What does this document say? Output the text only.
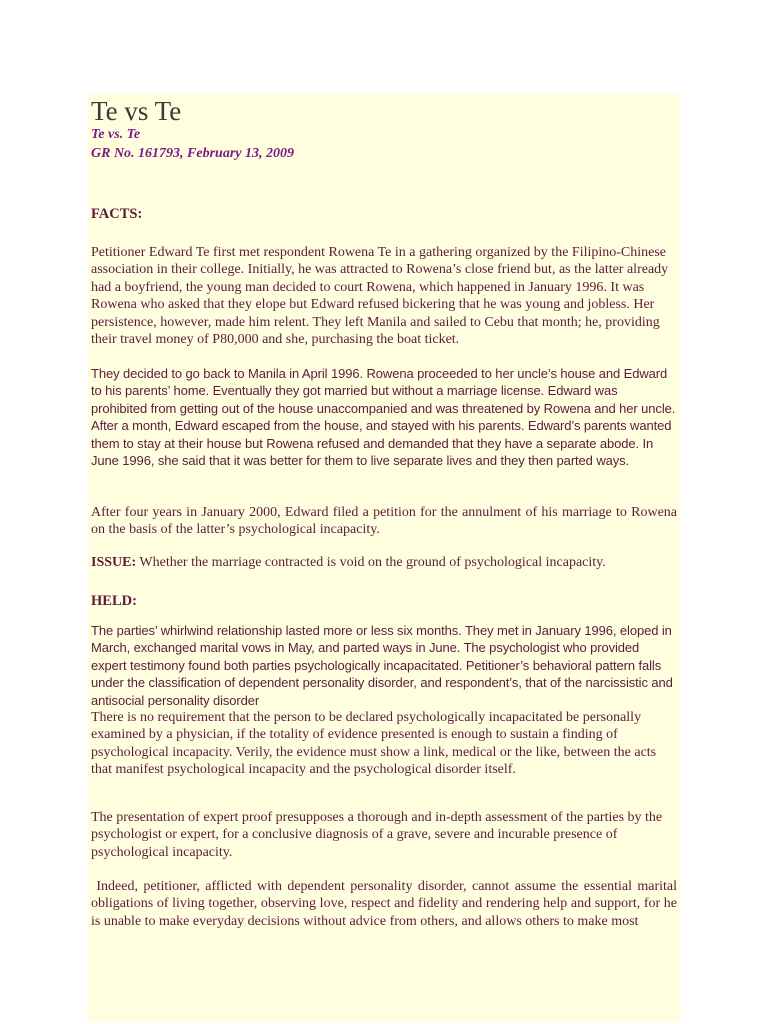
Te vs Te
Te vs. Te
GR No. 161793, February 13, 2009
FACTS:

Petitioner Edward Te first met respondent Rowena Te in a gathering organized by the Filipino-Chinese association in their college. Initially, he was attracted to Rowena’s close friend but, as the latter already had a boyfriend, the young man decided to court Rowena, which happened in January 1996. It was Rowena who asked that they elope but Edward refused bickering that he was young and jobless. Her persistence, however, made him relent. They left Manila and sailed to Cebu that month; he, providing their travel money of P80,000 and she, purchasing the boat ticket.

They decided to go back to Manila in April 1996. Rowena proceeded to her uncle’s house and Edward to his parents’ home. Eventually they got married but without a marriage license. Edward was prohibited from getting out of the house unaccompanied and was threatened by Rowena and her uncle. After a month, Edward escaped from the house, and stayed with his parents. Edward’s parents wanted them to stay at their house but Rowena refused and demanded that they have a separate abode. In June 1996, she said that it was better for them to live separate lives and they then parted ways.

After four years in January 2000, Edward filed a petition for the annulment of his marriage to Rowena on the basis of the latter’s psychological incapacity.

ISSUE: Whether the marriage contracted is void on the ground of psychological incapacity.

HELD:

The parties’ whirlwind relationship lasted more or less six months. They met in January 1996, eloped in March, exchanged marital vows in May, and parted ways in June. The psychologist who provided expert testimony found both parties psychologically incapacitated. Petitioner’s behavioral pattern falls under the classification of dependent personality disorder, and respondent’s, that of the narcissistic and antisocial personality disorder

There is no requirement that the person to be declared psychologically incapacitated be personally examined by a physician, if the totality of evidence presented is enough to sustain a finding of psychological incapacity. Verily, the evidence must show a link, medical or the like, between the acts that manifest psychological incapacity and the psychological disorder itself.

The presentation of expert proof presupposes a thorough and in-depth assessment of the parties by the psychologist or expert, for a conclusive diagnosis of a grave, severe and incurable presence of psychological incapacity.

Indeed, petitioner, afflicted with dependent personality disorder, cannot assume the essential marital obligations of living together, observing love, respect and fidelity and rendering help and support, for he is unable to make everyday decisions without advice from others, and allows others to make most
